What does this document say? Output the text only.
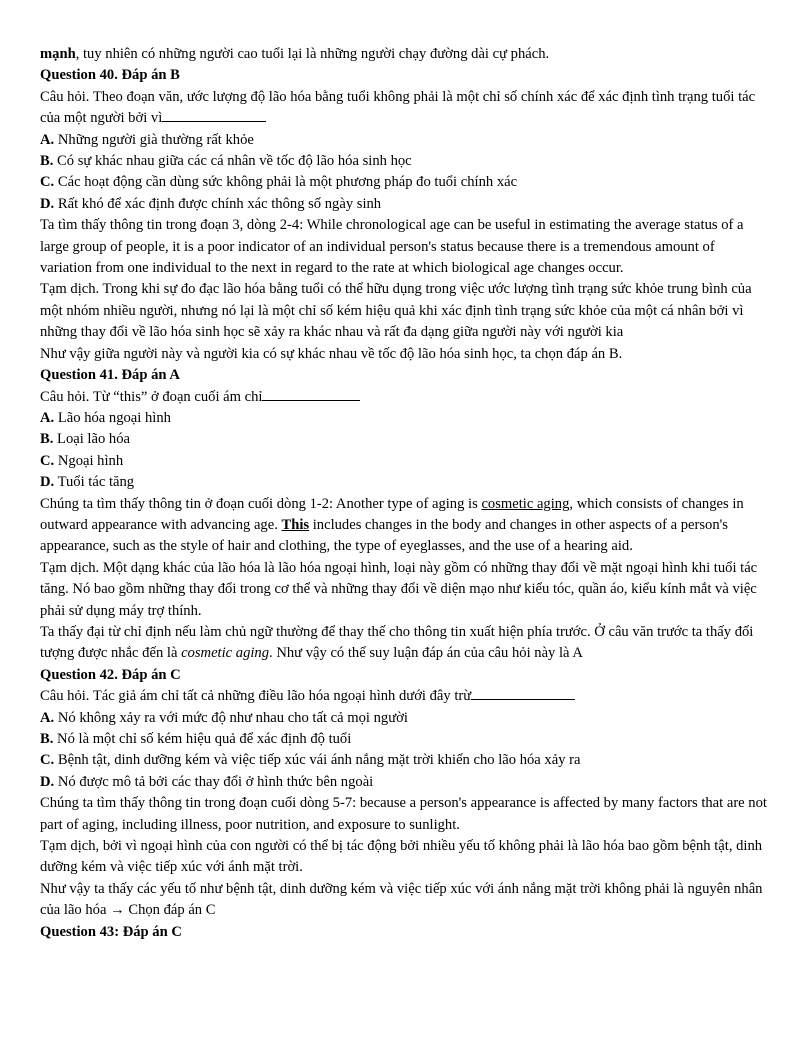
mạnh, tuy nhiên có những người cao tuổi lại là những người chạy đường dài cự phách.

Question 40. Đáp án B

Câu hỏi. Theo đoạn văn, ước lượng độ lão hóa bằng tuổi không phải là một chỉ số chính xác để xác định tình trạng tuổi tác của một người bởi vì

A. Những người già thường rất khỏe

B. Có sự khác nhau giữa các cá nhân về tốc độ lão hóa sinh học

C. Các hoạt động cần dùng sức không phải là một phương pháp đo tuổi chính xác

D. Rất khó để xác định được chính xác thông số ngày sinh

Ta tìm thấy thông tin trong đoạn 3, dòng 2-4: While chronological age can be useful in estimating the average status of a large group of people, it is a poor indicator of an individual person's status because there is a tremendous amount of variation from one individual to the next in regard to the rate at which biological age changes occur.

Tạm dịch. Trong khi sự đo đạc lão hóa bằng tuổi có thể hữu dụng trong việc ước lượng tình trạng sức khỏe trung bình của một nhóm nhiều người, nhưng nó lại là một chỉ số kém hiệu quả khi xác định tình trạng sức khỏe của một cá nhân bởi vì những thay đổi về lão hóa sinh học sẽ xảy ra khác nhau và rất đa dạng giữa người này với người kia

Như vậy giữa người này và người kia có sự khác nhau về tốc độ lão hóa sinh học, ta chọn đáp án B.

Question 41. Đáp án A

Câu hỏi. Từ “this” ở đoạn cuối ám chỉ

A. Lão hóa ngoại hình

B. Loại lão hóa

C. Ngoại hình

D. Tuổi tác tăng

Chúng ta tìm thấy thông tin ở đoạn cuối dòng 1-2: Another type of aging is cosmetic aging, which consists of changes in outward appearance with advancing age. This includes changes in the body and changes in other aspects of a person's appearance, such as the style of hair and clothing, the type of eyeglasses, and the use of a hearing aid.

Tạm dịch. Một dạng khác của lão hóa là lão hóa ngoại hình, loại này gồm có những thay đổi về mặt ngoại hình khi tuổi tác tăng. Nó bao gồm những thay đổi trong cơ thể và những thay đổi về diện mạo như kiểu tóc, quần áo, kiểu kính mắt và việc phải sử dụng máy trợ thính.

Ta thấy đại từ chỉ định nếu làm chủ ngữ thường để thay thế cho thông tin xuất hiện phía trước. Ở câu văn trước ta thấy đối tượng được nhắc đến là cosmetic aging. Như vậy có thể suy luận đáp án của câu hỏi này là A

Question 42. Đáp án C

Câu hỏi. Tác giả ám chỉ tất cả những điều lão hóa ngoại hình dưới đây trừ

A. Nó không xảy ra với mức độ như nhau cho tất cả mọi người

B. Nó là một chỉ số kém hiệu quả để xác định độ tuổi

C. Bệnh tật, dinh dưỡng kém và việc tiếp xúc vái ánh nắng mặt trời khiến cho lão hóa xảy ra

D. Nó được mô tả bởi các thay đổi ở hình thức bên ngoài

Chúng ta tìm thấy thông tin trong đoạn cuối dòng 5-7: because a person's appearance is affected by many factors that are not part of aging, including illness, poor nutrition, and exposure to sunlight.

Tạm dịch, bởi vì ngoại hình của con người có thể bị tác động bởi nhiều yếu tố không phải là lão hóa bao gồm bệnh tật, dinh dưỡng kém và việc tiếp xúc với ánh mặt trời.

Như vậy ta thấy các yếu tố như bệnh tật, dinh dưỡng kém và việc tiếp xúc với ánh nắng mặt trời không phải là nguyên nhân của lão hóa → Chọn đáp án C

Question 43: Đáp án C
